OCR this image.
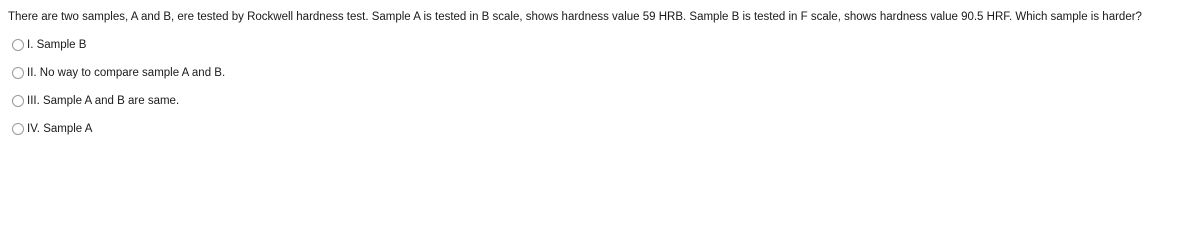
There are two samples, A and B, ere tested by Rockwell hardness test. Sample A is tested in B scale, shows hardness value 59 HRB. Sample B is tested in F scale, shows hardness value 90.5 HRF. Which sample is harder?
I. Sample B
II. No way to compare sample A and B.
III. Sample A and B are same.
IV. Sample A
